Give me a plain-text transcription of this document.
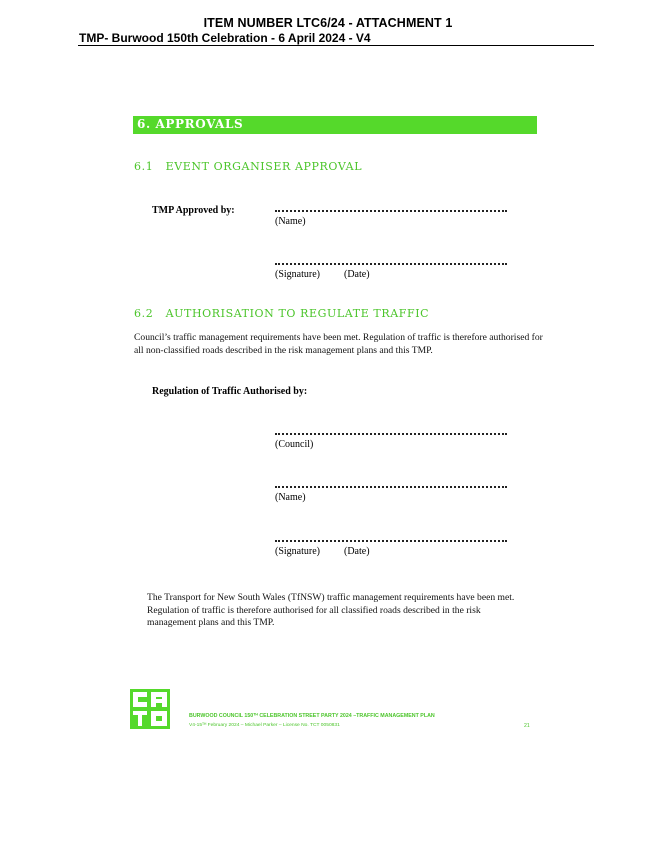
ITEM NUMBER LTC6/24 - ATTACHMENT 1
TMP- Burwood 150th Celebration - 6 April 2024 - V4
6. APPROVALS
6.1 EVENT ORGANISER APPROVAL
TMP Approved by:
(Name)
(Signature) (Date)
6.2 AUTHORISATION TO REGULATE TRAFFIC
Council’s traffic management requirements have been met. Regulation of traffic is therefore authorised for all non-classified roads described in the risk management plans and this TMP.
Regulation of Traffic Authorised by:
(Council)
(Name)
(Signature) (Date)
The Transport for New South Wales (TfNSW) traffic management requirements have been met. Regulation of traffic is therefore authorised for all classified roads described in the risk management plans and this TMP.
BURWOOD COUNCIL 150ᵀᴴ CELEBRATION STREET PARTY 2024 –TRAFFIC MANAGEMENT PLAN
V4-15ᵀᴴ February 2024 – Michael Parker – License No. TCT 0050831	21
